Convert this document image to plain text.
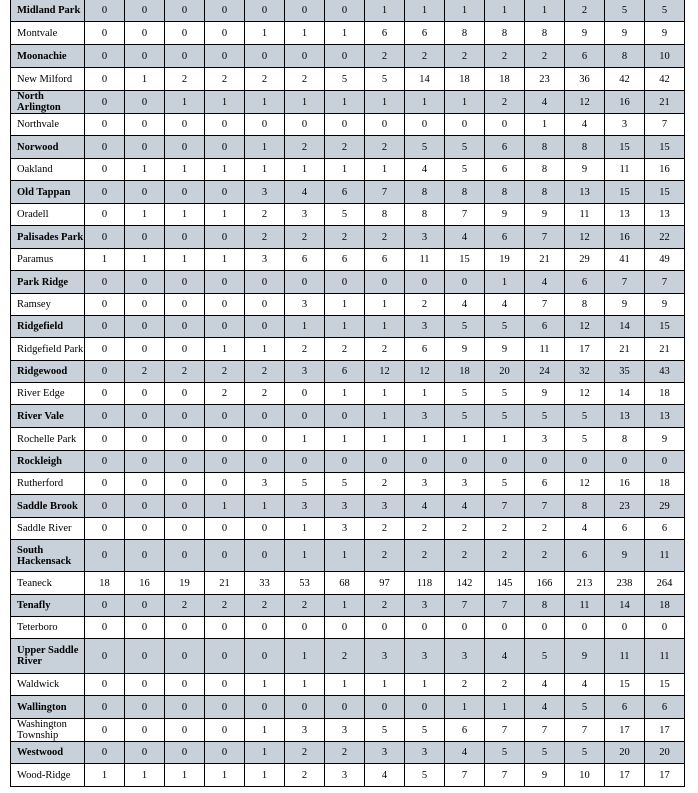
Midland Park	0	0	0	0	0	0	0	1	1	1	1	1	2	5	5
Montvale	0	0	0	0	1	1	1	6	6	8	8	8	9	9	9
Moonachie	0	0	0	0	0	0	0	2	2	2	2	2	6	8	10
New Milford	0	1	2	2	2	2	5	5	14	18	18	23	36	42	42
North Arlington	0	0	1	1	1	1	1	1	1	1	2	4	12	16	21
Northvale	0	0	0	0	0	0	0	0	0	0	0	1	4	3	7
Norwood	0	0	0	0	1	2	2	2	5	5	6	8	8	15	15
Oakland	0	1	1	1	1	1	1	1	4	5	6	8	9	11	16
Old Tappan	0	0	0	0	3	4	6	7	8	8	8	8	13	15	15
Oradell	0	1	1	1	2	3	5	8	8	7	9	9	11	13	13
Palisades Park	0	0	0	0	2	2	2	2	3	4	6	7	12	16	22
Paramus	1	1	1	1	3	6	6	6	11	15	19	21	29	41	49
Park Ridge	0	0	0	0	0	0	0	0	0	0	1	4	6	7	7
Ramsey	0	0	0	0	0	3	1	1	2	4	4	7	8	9	9
Ridgefield	0	0	0	0	0	1	1	1	3	5	5	6	12	14	15
Ridgefield Park	0	0	0	1	1	2	2	2	6	9	9	11	17	21	21
Ridgewood	0	2	2	2	2	3	6	12	12	18	20	24	32	35	43
River Edge	0	0	0	2	2	0	1	1	1	5	5	9	12	14	18
River Vale	0	0	0	0	0	0	0	1	3	5	5	5	5	13	13
Rochelle Park	0	0	0	0	0	1	1	1	1	1	1	3	5	8	9
Rockleigh	0	0	0	0	0	0	0	0	0	0	0	0	0	0	0
Rutherford	0	0	0	0	3	5	5	2	3	3	5	6	12	16	18
Saddle Brook	0	0	0	1	1	3	3	3	4	4	7	7	8	23	29
Saddle River	0	0	0	0	0	1	3	2	2	2	2	2	4	6	6
South Hackensack	0	0	0	0	0	1	1	2	2	2	2	2	6	9	11
Teaneck	18	16	19	21	33	53	68	97	118	142	145	166	213	238	264
Tenafly	0	0	2	2	2	2	1	2	3	7	7	8	11	14	18
Teterboro	0	0	0	0	0	0	0	0	0	0	0	0	0	0	0
Upper Saddle River	0	0	0	0	0	1	2	3	3	3	4	5	9	11	11
Waldwick	0	0	0	0	1	1	1	1	1	2	2	4	4	15	15
Wallington	0	0	0	0	0	0	0	0	0	1	1	4	5	6	6
Washington Township	0	0	0	0	1	3	3	5	5	6	7	7	7	17	17
Westwood	0	0	0	0	1	2	2	3	3	4	5	5	5	20	20
Wood-Ridge	1	1	1	1	1	2	3	4	5	7	7	9	10	17	17
